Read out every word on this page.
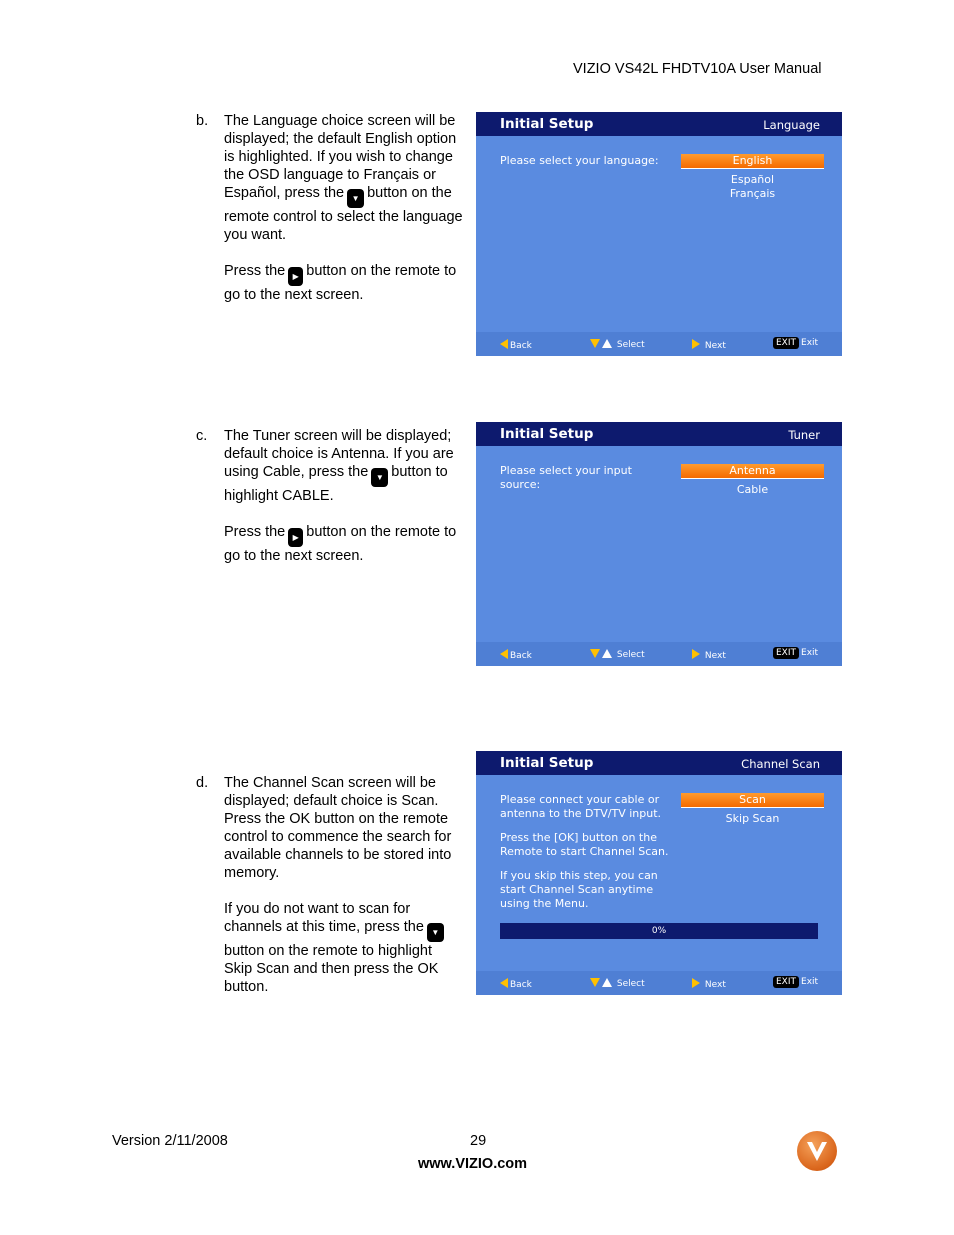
VIZIO VS42L FHDTV10A User Manual
b. The Language choice screen will be displayed; the default English option is highlighted. If you wish to change the OSD language to Français or Español, press the ▼ button on the remote control to select the language you want.

Press the ▶ button on the remote to go to the next screen.

c. The Tuner screen will be displayed; default choice is Antenna. If you are using Cable, press the ▼ button to highlight CABLE.

Press the ▶ button on the remote to go to the next screen.

d. The Channel Scan screen will be displayed; default choice is Scan. Press the OK button on the remote control to commence the search for available channels to be stored into memory.

If you do not want to scan for channels at this time, press the ▼button on the remote to highlight Skip Scan and then press the OK button.

Initial Setup	Language
Please select your language:	English
Español
Français
Back	Select	Next	EXIT Exit
Initial Setup	Tuner
Please select your input source:
Antenna
Cable
Back	Select	Next	EXIT Exit
Initial Setup	Channel Scan
Please connect your cable or antenna to the DTV/TV input.
Press the [OK] button on the Remote to start Channel Scan.
If you skip this step, you can start Channel Scan anytime using the Menu.
Scan
Skip Scan
0%
Back	Select	Next	EXIT Exit
Version 2/11/2008	29
www.VIZIO.com
